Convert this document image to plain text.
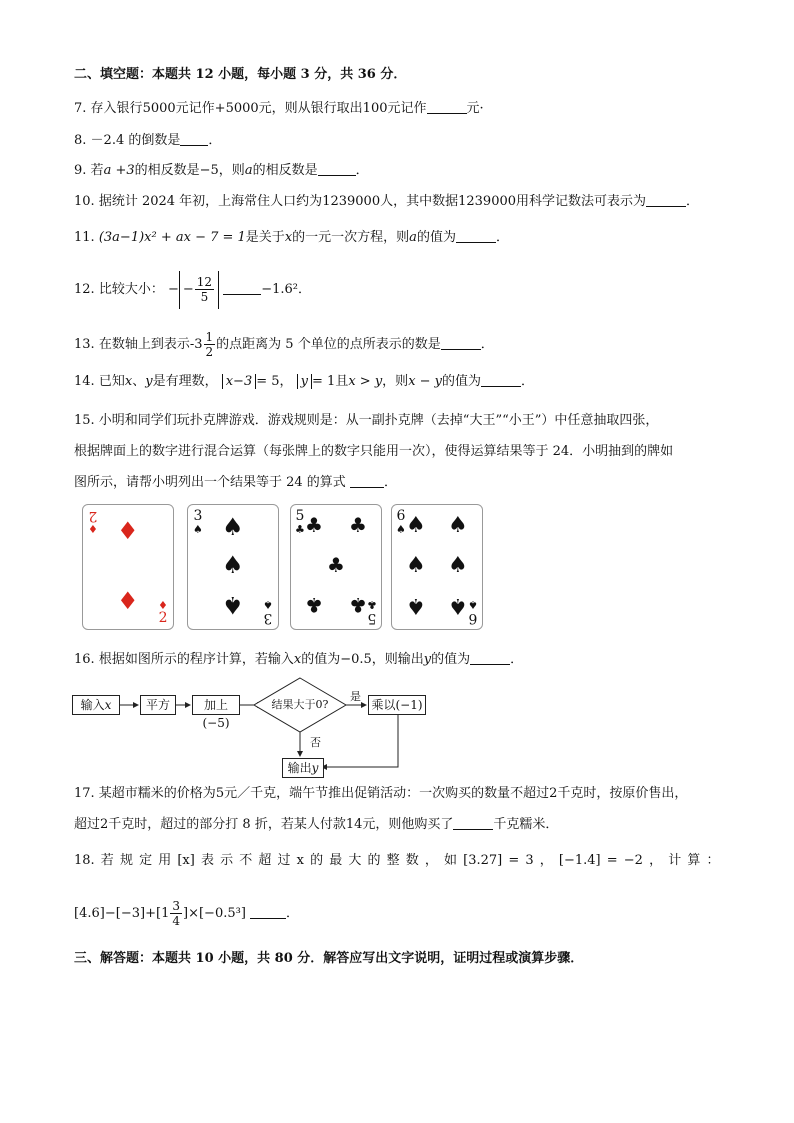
二、填空题：本题共 12 小题，每小题 3 分，共 36 分．
7. 存入银行5000元记作+5000元，则从银行取出100元记作	元·
8. －2.4 的倒数是 ．
9. 若a +3的相反数是−5，则a的相反数是	．
10. 据统计 2024 年初，上海常住人口约为1239000人，其中数据1239000用科学记数法可表示为	．
11. (3a−1)x² + ax − 7 = 1是关于x的一元一次方程，则a的值为	．
12. 比较大小： − − $\frac{12}{5}$	−1.6²．
13. 在数轴上到表示$-3 \frac{1}{2}$ 的点距离为 5 个单位的点所表示的数是	．
14. 已知x、y是有理数， x−3 = 5， y = 1且x > y，则x − y的值为	．
15. 小明和同学们玩扑克牌游戏．游戏规则是：从一副扑克牌（去掉“大王”“小王”）中任意抽取四张，
根据牌面上的数字进行混合运算（每张牌上的数字只能用一次），使得运算结果等于 24．小明抽到的牌如
图所示，请帮小明列出一个结果等于 24 的算式	．
2
♦ ♦
♦ ♦
2
3
♠ ♠
♠
♠ 3
♠
5
♣ ♣ ♣
♣
♣ ♣
5
♣
6
♠ ♠ ♠
♠ ♠
♠ ♠ 6
♠
16. 根据如图所示的程序计算，若输入x的值为−0.5，则输出y的值为	．
输入x	平方	加上(−5)
结果大于0?
是
否
乘以(−1)
输出y
17. 某超市糯米的价格为5元／千克，端午节推出促销活动：一次购买的数量不超过2千克时，按原价售出，
超过2千克时，超过的部分打 8 折，若某人付款14元，则他购买了	千克糯米．
18. 若 规 定 用 [x] 表 示 不 超 过 x 的 最 大 的 整 数 ， 如 [3.27] = 3 ， [−1.4] = −2 ， 计 算 ：
$[4.6]-[-3]+[1 \frac{3}{4} ]\times[-0.5^3]$	．
三、解答题：本题共 10 小题，共 80 分．解答应写出文字说明，证明过程或演算步骤．
